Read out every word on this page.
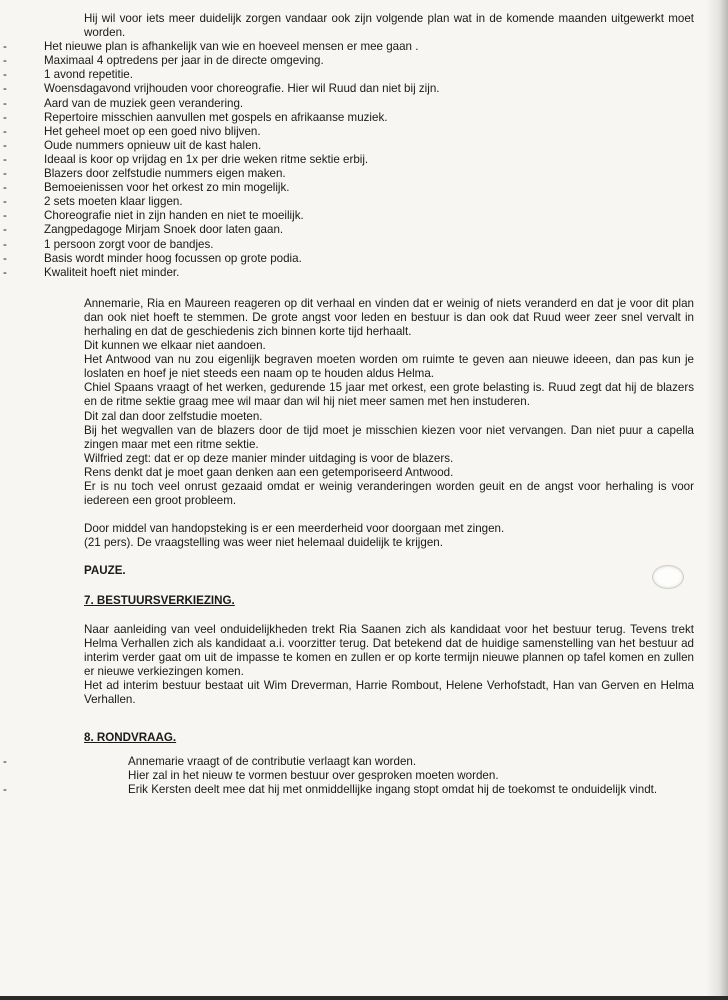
Hij wil voor iets meer duidelijk zorgen vandaar ook zijn volgende plan wat in de komende maanden uitgewerkt moet worden.

-	Het nieuwe plan is afhankelijk van wie en hoeveel mensen er mee gaan .
-	Maximaal 4 optredens per jaar in de directe omgeving.
-	1 avond repetitie.
-	Woensdagavond vrijhouden voor choreografie. Hier wil Ruud dan niet bij zijn.
-	Aard van de muziek geen verandering.
-	Repertoire misschien aanvullen met gospels en afrikaanse muziek.
-	Het geheel moet op een goed nivo blijven.
-	Oude nummers opnieuw uit de kast halen.
-	Ideaal is koor op vrijdag en 1x per drie weken ritme sektie erbij.
-	Blazers door zelfstudie nummers eigen maken.
-	Bemoeienissen voor het orkest zo min mogelijk.
-	2 sets moeten klaar liggen.
-	Choreografie niet in zijn handen en niet te moeilijk.
-	Zangpedagoge Mirjam Snoek door laten gaan.
-	1 persoon zorgt voor de bandjes.
-	Basis wordt minder hoog focussen op grote podia.
-	Kwaliteit hoeft niet minder.

Annemarie, Ria en Maureen reageren op dit verhaal en vinden dat er weinig of niets veranderd en dat je voor dit plan dan ook niet hoeft te stemmen. De grote angst voor leden en bestuur is dan ook dat Ruud weer zeer snel vervalt in herhaling en dat de geschiedenis zich binnen korte tijd herhaalt.

Dit kunnen we elkaar niet aandoen.

Het Antwood van nu zou eigenlijk begraven moeten worden om ruimte te geven aan nieuwe ideeen, dan pas kun je loslaten en hoef je niet steeds een naam op te houden aldus Helma.

Chiel Spaans vraagt of het werken, gedurende 15 jaar met orkest, een grote belasting is. Ruud zegt dat hij de blazers en de ritme sektie graag mee wil maar dan wil hij niet meer samen met hen instuderen.

Dit zal dan door zelfstudie moeten.

Bij het wegvallen van de blazers door de tijd moet je misschien kiezen voor niet vervangen. Dan niet puur a capella zingen maar met een ritme sektie.

Wilfried zegt: dat er op deze manier minder uitdaging is voor de blazers.

Rens denkt dat je moet gaan denken aan een getemporiseerd Antwood.

Er is nu toch veel onrust gezaaid omdat er weinig veranderingen worden geuit en de angst voor herhaling is voor iedereen een groot probleem.

Door middel van handopsteking is er een meerderheid voor doorgaan met zingen.

(21 pers). De vraagstelling was weer niet helemaal duidelijk te krijgen.

PAUZE.

7. BESTUURSVERKIEZING.

Naar aanleiding van veel onduidelijkheden trekt Ria Saanen zich als kandidaat voor het bestuur terug. Tevens trekt Helma Verhallen zich als kandidaat a.i. voorzitter terug. Dat betekend dat de huidige samenstelling van het bestuur ad interim verder gaat om uit de impasse te komen en zullen er op korte termijn nieuwe plannen op tafel komen en zullen er nieuwe verkiezingen komen.

Het ad interim bestuur bestaat uit Wim Dreverman, Harrie Rombout, Helene Verhofstadt, Han van Gerven en Helma Verhallen.

8. RONDVRAAG.

-	Annemarie vraagt of de contributie verlaagt kan worden.
Hier zal in het nieuw te vormen bestuur over gesproken moeten worden.
-	Erik Kersten deelt mee dat hij met onmiddellijke ingang stopt omdat hij de toekomst te onduidelijk vindt.
